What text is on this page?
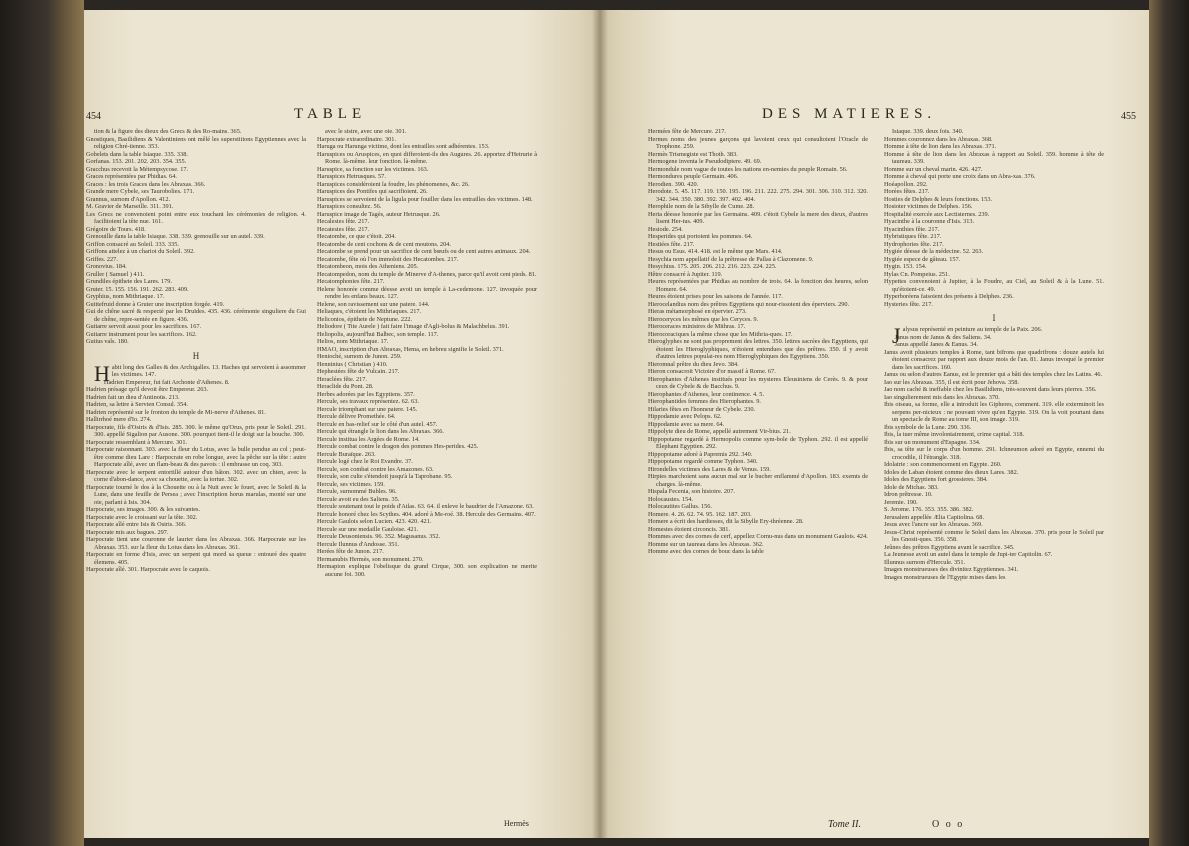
454	TABLE

tion & la figure des dieux des Grecs & des Ro-mains. 365.

Gnostiques, Basilidiens & Valentiniens ont mêlé les superstitions Egyptiennes avec la religion Chré-tienne. 353.

Gobelets dans la table Isiaque. 335. 338.

Gorfanas. 153. 201. 202. 203. 354. 355.

Gracchus recevoit la Métempsycose. 17.

Graces représentées par Phidias. 64.

Graces : les trois Graces dans les Abraxas. 366.

Grande mere Cybele, ses Taurobolies. 171.

Grannus, surnom d'Apollon. 412.

M. Gravier de Marseille. 311. 391.

Les Grecs ne convenoient point entre eux touchant les cérémonies de religion. 4. facilitoient la tête nue. 161.

Grégoire de Tours. 418.

Grenouille dans la table Isiaque. 338. 339. grenouille sur un autel. 339.

Griffon consacré au Soleil. 333. 335.

Griffons attelez à un chariot du Soleil. 392.

Griffes. 227.

Gronovius. 184.

Gruller ( Samuel ) 411.

Grundiles épithete des Lares. 179.

Gruter. 15. 155. 156. 191. 262. 283. 409.

Gryphius, nom Mithriaque. 17.

Guittefruid donne à Gruter une inscription forgée. 419.

Gui de chêne sacré & respecté par les Druïdes. 435. 436. cérémonie singuliere du Gui de chêne, repre-sentée en figure. 436.

Guitarre servoit aussi pour les sacrifices. 167.

Guitarre instrument pour les sacrifices. 162.

Gutius vals. 180.

H

Habit long des Galles & des Archigalles. 13. Haches qui servoient à assommer les victimes. 147.

Hadrien Empereur, fut fait Archonte d'Athenes. 8.

Hadrien présage qu'il devoit être Empereur. 263.

Hadrien fait un dieu d'Antinoüs. 213.

Hadrien, sa lettre à Servien Consul. 354.

Hadrien représenté sur le fronton du temple de Mi-nerve d'Athenes. 81.

Hallirrhoé mere d'Io. 274.

Harpocrate, fils d'Osiris & d'Isis. 285. 300. le même qu'Orus, pris pour le Soleil. 291. 300. appellé Sigalion par Ausone. 300. pourquoi tient-il le doigt sur la bouche. 300.

Harpocrate ressemblant à Mercure. 301.

Harpocrate raisonnant. 303. avec la fleur du Lotus, avec la bulle pendue au col ; peut-être comme dieu Lare : Harpocrate en robe longue, avec la pêche sur la tête : autre Harpocrate aîlé, avec un flam-beau & des pavots : il embrasse un coq. 303.

Harpocrate avec le serpent entortillé autour d'un bâton. 302. avec un chien, avec la corne d'abon-dance, avec sa chouette, avec la tortue. 302.

Harpocrate tourné le dos à la Chouette ou à la Nuit avec le fouet, avec le Soleil & la Lune, dans une feuille de Persea ; avec l'inscription horus marulas, monté sur une oie, parlant à Isis. 304.

Harpocrate, ses images. 300. & les suivantes.

Harpocrate avec le croissant sur la tête. 302.

Harpocrate aîlé entre Isis & Osiris. 366.

Harpocrate mis aux bagues. 297.

Harpocrate tient une couronne de laurier dans les Abraxas. 366. Harpocrate sur les Abraxas. 353. sur la fleur du Lotus dans les Abraxas. 361.

Harpocrate en forme d'Isis, avec un serpent qui mord sa queue : entouré des quatre élemens. 405.

Harpocrate aîlé. 301. Harpocrate avec le caquois.

avec le sistre, avec une oie. 301.

Harpocrate extraordinaire. 301.

Haruga ou Harunga victime, dont les entrailles sont adhérentes. 153.

Haruspices ou Aruspices, en quoi differoient-ils des Augures. 26. apportez d'Hetrurie à Rome. là-même. leur fonction. là-même.

Haruspice, sa fonction sur les victimes. 163.

Haruspices Hetrusques. 57.

Haruspices considéroient la foudre, les phénomenes, &c. 26.

Haruspices des Pontifes qui sacrifioient. 26.

Haruspices se servoient de la ligula pour fouiller dans les entrailles des victimes. 148.

Haruspices consultez. 56.

Haruspice image de Tagès, auteur Hetrusque. 26.

Hecalesies fête. 217.

Hecatesies fête. 217.

Hecatombe, ce que c'étoit. 204.

Hecatombe de cent cochons & de cent moutons. 204.

Hecatombe se prend pour un sacrifice de cent bœufs ou de cent autres animaux. 204.

Hecatombe, fête où l'on immoloit des Hecatombes. 217.

Hecatombeon, mois des Atheniens. 205.

Hecatompedon, nom du temple de Minerve d'A-thenes, parce qu'il avoit cent pieds. 81.

Hecatomphonies fête. 217.

Helene honorée comme déesse avoit un temple à La-cedemone. 127. invoquée pour rendre les enfans beaux. 127.

Helene, son ravissement sur une patere. 144.

Heliaques, c'étoient les Mithriaques. 217.

Heliconios, épithete de Neptune. 222.

Heliodore ( Tite Aurele ) fait faire l'image d'Agli-bolus & Malachbelus. 391.

Heliopolis, aujourd'hui Balbec, son temple. 117.

Helios, nom Mithriaque. 17.

HMAO, inscription d'un Abraxas, Hema, en hebreu signifie le Soleil. 371.

Henioché, surnom de Junon. 259.

Henninius ( Christian ) 410.

Hephestées fête de Vulcain. 217.

Heraclées fête. 217.

Heraclide du Pont. 28.

Herbes adorées par les Egyptiens. 357.

Hercule, ses travaux représentez. 62. 63.

Hercule triomphant sur une patere. 145.

Hercule délivre Promethée. 64.

Hercule en bas-relief sur le côté d'un autel. 457.

Hercule qui étrangle le lion dans les Abraxas. 366.

Hercule institua les Argées de Rome. 14.

Hercule combat contre le dragon des pommes Hes-perides. 425.

Hercule Buraïque. 263.

Hercule logé chez le Roi Evandre. 37.

Hercule, son combat contre les Amazones. 63.

Hercule, son culte s'étendoit jusqu'à la Taprobane. 95.

Hercule, ses victimes. 159.

Hercule, surnommé Bubles. 96.

Hercule avoit eu des Saliens. 35.

Hercule soutenant tout le poids d'Atlas. 63. 64. il enleve le baudrier de l'Amazone. 63.

Hercule honoré chez les Scythes. 404. adoré à Me-roé. 38. Hercule des Germains. 407.

Hercule Gaulois selon Lucien. 423. 420. 421.

Hercule sur une medaille Gauloise. 421.

Hercule Deusoniensis. 96. 352. Magusanus. 352.

Hercule Ilunnus d'Andosse. 351.

Herées fête de Junon. 217.

Hermanubis Hermès, son monument. 270.

Hermapion explique l'obelisque du grand Cirque, 300. son explication ne merite aucune foi. 300.

Hermès
DES MATIERES.	455

Hermées fête de Mercure. 217.

Hermes noms des jeunes garçons qui lavoient ceux qui consultoient l'Oracle de Trophone. 259.

Hermès Trismegiste est Thoth. 383.

Hermogene inventa le Pseudodiptere. 49. 69.

Hermondule nom vague de toutes les nations en-nemies du peuple Romain. 56.

Hermondures peuple Germain. 406.

Herodien. 390. 420.

Herodote. 5. 45. 117. 119. 150. 195. 196. 211. 222. 275. 294. 301. 306. 310. 312. 320. 342. 344. 350. 380. 392. 397. 402. 404.

Herophile nom de la Sibylle de Cume. 28.

Herta déesse honorée par les Germains. 409. c'étoit Cybele la mere des dieux, d'autres lisent Her-tus. 409.

Hesiode. 254.

Hesperides qui portoient les pommes. 64.

Hestiées fête. 217.

Hesus ou Esus. 414. 418. est le même que Mars. 414.

Hesychia nom appellatif de la prêtresse de Pallas à Clazomene. 9.

Hesychius. 175. 205. 206. 212. 216. 223. 224. 225.

Hêtre consacré à Jupiter. 119.

Heures représentées par Phidias au nombre de trois. 64. la fonction des heures, selon Homere. 64.

Heures étoient prises pour les saisons de l'année. 117.

Hierocelandius nom des prêtres Egyptiens qui nour-rissoient des éperviers. 290.

Hieras métamorphosé en épervier. 273.

Hieroceryces les mêmes que les Ceryces. 9.

Hieroceraces ministres de Mithras. 17.

Hierocoraciques la même chose que les Mithria-ques. 17.

Hieroglyphes ne sont pas proprement des lettres. 350. lettres sacrées des Egyptiens, qui étoient les Hieroglyphiques, n'étoient entendues que des prêtres. 350. il y avoit d'autres lettres populai-res nom Hieroglyphiques des Egyptiens. 350.

Hieromnal prêtre du dieu Jevo. 384.

Hieron consacroit Victoire d'or massif à Rome. 67.

Hierophantes d'Athenes institués pour les mysteres Eleusiniens de Cerès. 9. & pour ceux de Cybele & de Bacchus. 9.

Hierophantes d'Athenes, leur continence. 4. 5.

Hierophantides femmes des Hierophantes. 9.

Hilaries fêtes en l'honneur de Cybele. 230.

Hippodamie avec Pelops. 62.

Hippodamie avec sa mere. 64.

Hippolyte dieu de Rome, appellé autrement Vir-bius. 21.

Hippopotame regardé à Hermopolis comme sym-bole de Typhon. 292. il est appellé Elephant Egyptien. 292.

Hippopotame adoré à Papremis 292. 340.

Hippopotame regardé comme Typhon. 340.

Hirondelles victimes des Lares & de Venus. 159.

Hirpies marchoient sans aucun mal sur le bucher enflammé d'Apollon. 183. exemts de charges. là-même.

Hispala Fecenia, son histoire. 207.

Holocaustes. 154.

Holocautites Gallus. 156.

Homere. 4. 26. 62. 74. 95. 162. 187. 203.

Homere a écrit des hardiesses, dit la Sibylle Ery-thréenne. 28.

Homestes étoient circoncis. 381.

Hommes avec des cornes de cerf, appellez Cornu-nus dans un monument Gaulois. 424.

Homme sur un taureau dans les Abraxas. 362.

Homme avec des cornes de bouc dans la table

Isiaque. 339. deux fois. 340.

Hommes couronnez dans les Abraxas. 368.

Homme à tête de lion dans les Abraxas. 371.

Homme à tête de lion dans les Abraxas à rapport au Soleil. 359. homme à tête de taureau. 339.

Homme sur un cheval marin. 426. 427.

Homme à cheval qui porte une croix dans un Abra-xas. 376.

Hoéapollon. 292.

Horées fêtes. 217.

Hosties de Delphes & leurs fonctions. 153.

Hosioter victimes de Delphes. 156.

Hospitalité exercée aux Lectisternes. 239.

Hyacinthe à la couronne d'Isis. 313.

Hyacinthies fête. 217.

Hybristiques fête. 217.

Hydrophories fête. 217.

Hygiée déesse de la médecine. 52. 263.

Hygiée espece de gâteau. 157.

Hygin. 153. 154.

Hylas Cn. Pompeius. 251.

Hypettes convenoient à Jupiter, à la Foudre, au Ciel, au Soleil & à la Lune. 51. qu'étoient-ce. 49.

Hyperboréens faisoient des présens à Delphes. 236.

Hysteries fête. 217.

I

Jalysus représenté en peinture au temple de la Paix. 206.

Janus nom de Janus & des Saliens. 34.

Janus appellé Janes & Eanus. 34.

Janus avoit plusieurs temples à Rome, tant bifrons que quadrifrons : douze autels lui étoient consacrez par rapport aux douze mois de l'an. 81. Janus invoqué le premier dans les sacrifices. 160.

Janus ou selon d'autres Eanus, est le premier qui a bâti des temples chez les Latins. 46.

Iao sur les Abraxas. 355, il est écrit pour Jehova. 358.

Jao nom caché & ineffable chez les Basilidiens, très-souvent dans leurs pierres. 356.

Iao singulierement mis dans les Abraxas. 370.

Ibis oiseau, sa forme, elle a introduit les Gipheres, comment. 319. elle exterminoit les serpens per-nicieux : ne pouvant vivre qu'en Egypte. 319. On la voit pourtant dans un spectacle de Rome au tome III, son image. 319.

Ibis symbole de la Lune. 290. 336.

Ibis, la tuer même involontairement, crime capital. 318.

Ibis sur un monument d'Espagne. 334.

Ibis, sa tête sur le corps d'un homme. 291. Ichneumon adoré en Egypte, ennemi du crocodile, il l'étrangle. 318.

Idolatrie : son commencement en Egypte. 260.

Idoles de Laban étoient comme des dieux Lares. 382.

Idoles des Egyptiens fort grossieres. 384.

Idole de Michas. 383.

Idron prêtresse. 10.

Jeremie. 190.

S. Jerome. 176. 353. 355. 386. 382.

Jerusalem appellée Ælia Capitolina. 68.

Jesus avec l'ancre sur les Abraxas. 369.

Jesus-Christ représenté comme le Soleil dans les Abraxas. 370. pris pour le Soleil par les Gnosti-ques. 356. 358.

Jeûnes des prêtres Egyptiens avant le sacrifice. 345.

La Jeunesse avoit un autel dans le temple de Jupi-ter Capitolin. 67.

Illunnus surnom d'Hercule. 351.

Images monstrueuses des divinitez Egyptiennes. 341.

Images monstrueuses de l'Egypte mises dans les

Tome II.	O o o
